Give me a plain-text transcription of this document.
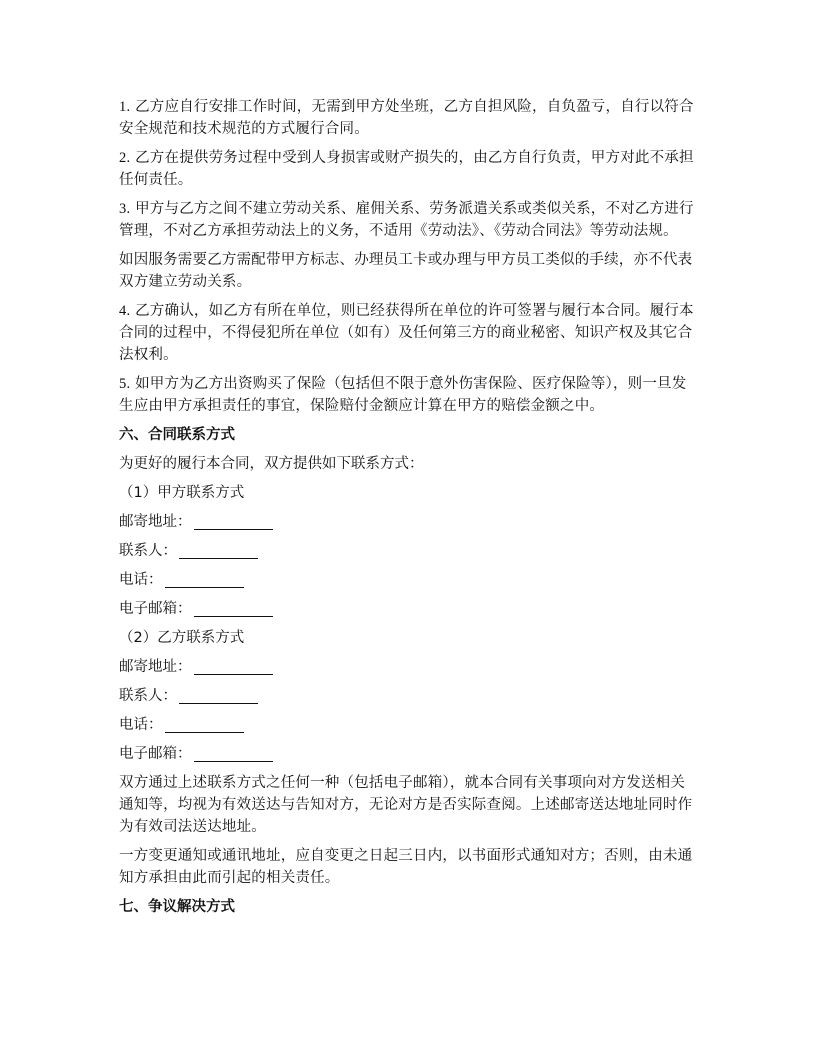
1. 乙方应自行安排工作时间，无需到甲方处坐班，乙方自担风险，自负盈亏，自行以符合安全规范和技术规范的方式履行合同。

2. 乙方在提供劳务过程中受到人身损害或财产损失的，由乙方自行负责，甲方对此不承担任何责任。

3. 甲方与乙方之间不建立劳动关系、雇佣关系、劳务派遣关系或类似关系，不对乙方进行管理，不对乙方承担劳动法上的义务，不适用《劳动法》、《劳动合同法》等劳动法规。

如因服务需要乙方需配带甲方标志、办理员工卡或办理与甲方员工类似的手续，亦不代表双方建立劳动关系。

4. 乙方确认，如乙方有所在单位，则已经获得所在单位的许可签署与履行本合同。履行本合同的过程中，不得侵犯所在单位（如有）及任何第三方的商业秘密、知识产权及其它合法权利。

5. 如甲方为乙方出资购买了保险（包括但不限于意外伤害保险、医疗保险等），则一旦发生应由甲方承担责任的事宜，保险赔付金额应计算在甲方的赔偿金额之中。

六、合同联系方式
为更好的履行本合同，双方提供如下联系方式：
（1）甲方联系方式
邮寄地址：
联系人：
电话：
电子邮箱：
（2）乙方联系方式
邮寄地址：
联系人：
电话：
电子邮箱：

双方通过上述联系方式之任何一种（包括电子邮箱），就本合同有关事项向对方发送相关通知等，均视为有效送达与告知对方，无论对方是否实际查阅。上述邮寄送达地址同时作为有效司法送达地址。

一方变更通知或通讯地址，应自变更之日起三日内，以书面形式通知对方；否则，由未通知方承担由此而引起的相关责任。

七、争议解决方式
